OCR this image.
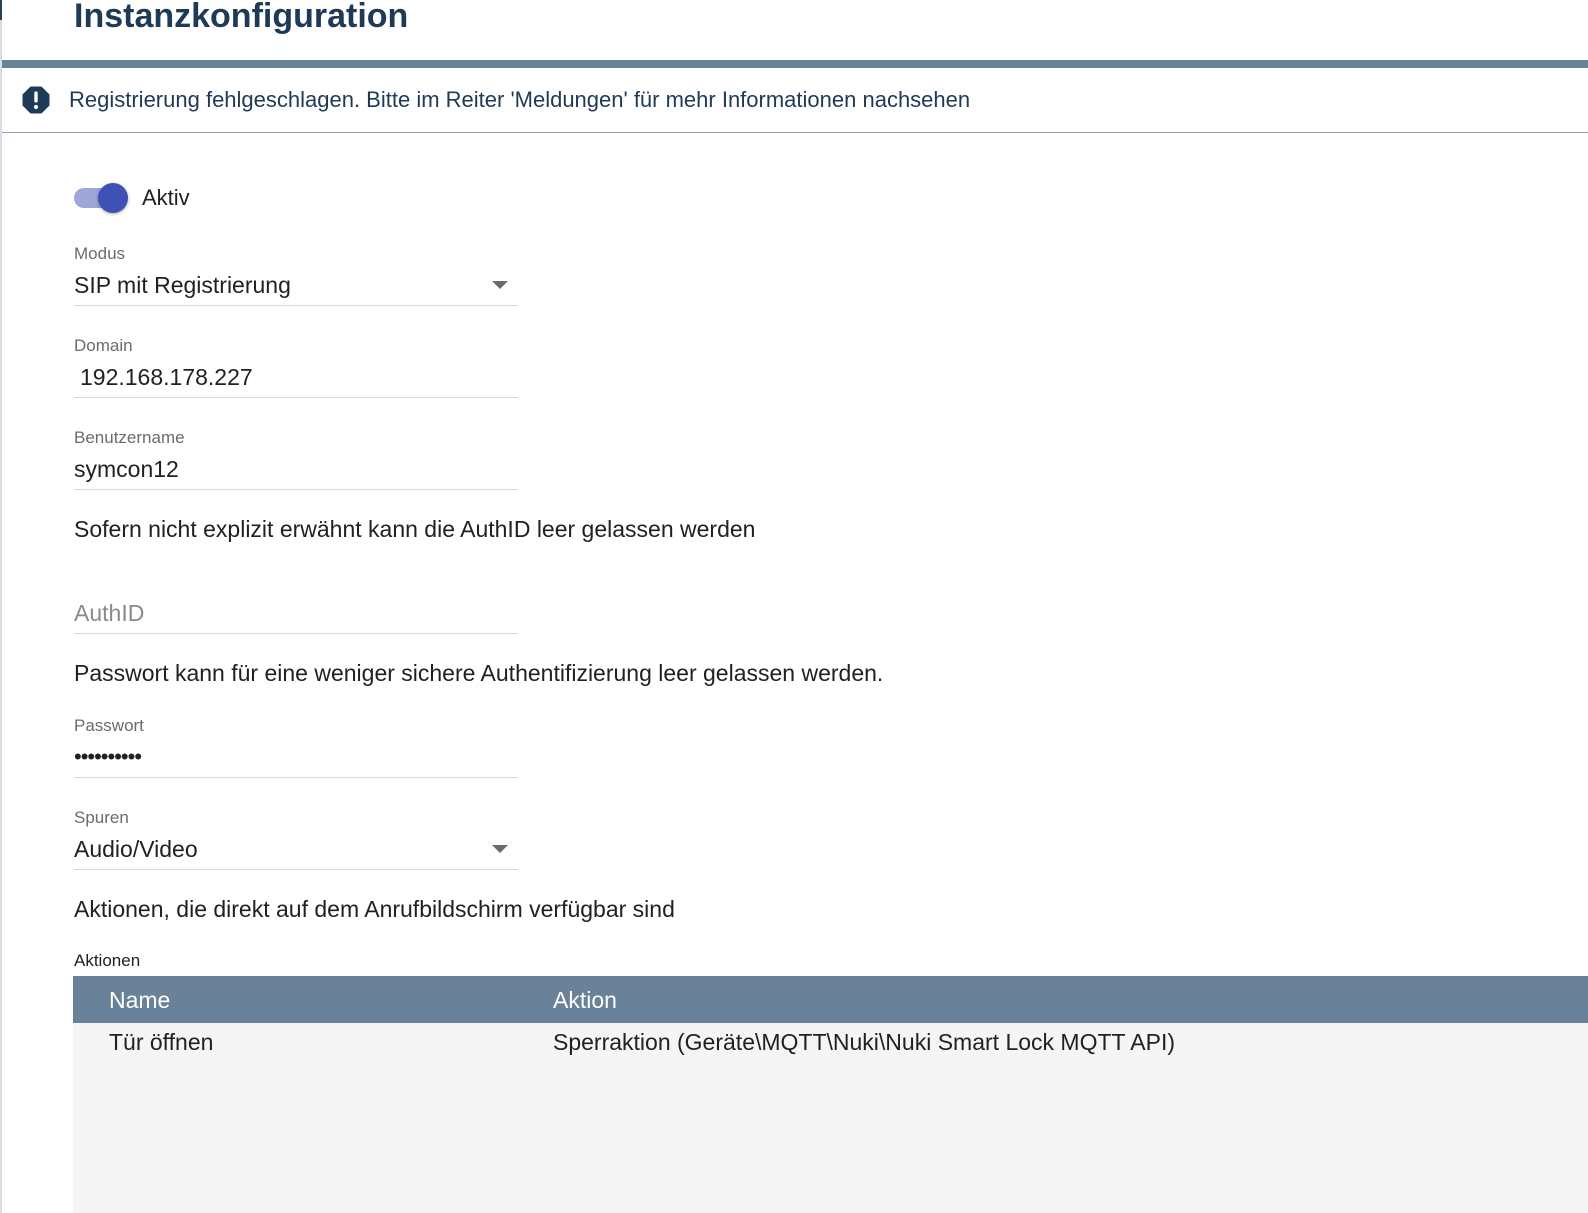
Instanzkonfiguration
Registrierung fehlgeschlagen. Bitte im Reiter 'Meldungen' für mehr Informationen nachsehen
Aktiv
Modus
SIP mit Registrierung
Domain
192.168.178.227
Benutzername
symcon12
Sofern nicht explizit erwähnt kann die AuthID leer gelassen werden
AuthID
Passwort kann für eine weniger sichere Authentifizierung leer gelassen werden.
Passwort
••••••••••
Spuren
Audio/Video
Aktionen, die direkt auf dem Anrufbildschirm verfügbar sind
Aktionen
Name	Aktion
Tür öffnen	Sperraktion (Geräte\MQTT\Nuki\Nuki Smart Lock MQTT API)
